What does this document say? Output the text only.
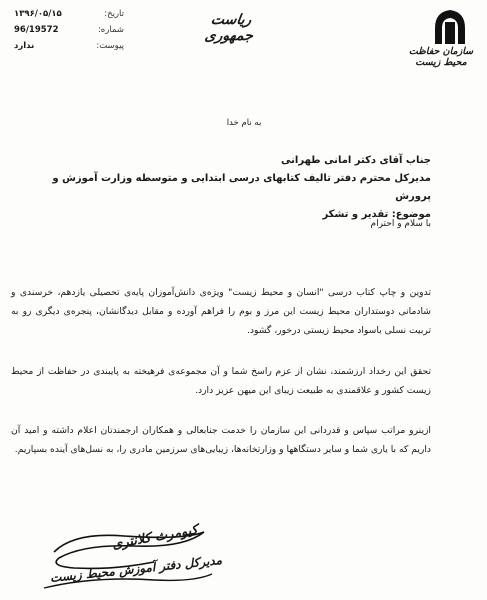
تاریخ:
۱۳۹۶/۰۵/۱۵
شماره:
96/19572
پیوست:
ندارد
ریاست جمهوری
سازمان حفاظت محیط زیست
به نام خدا
جناب آقای دکتر امانی طهرانی
مدیرکل محترم دفتر تالیف کتابهای درسی ابتدایی و متوسطه وزارت آموزش و پرورش
موضوع: تقدیر و تشکر
با سلام و احترام
تدوین و چاپ کتاب درسی "انسان و محیط زیست" ویژه‌ی دانش‌آموزان پایه‌ی تحصیلی یازدهم، خرسندی و شادمانی دوستداران محیط زیست این مرز و بوم را فراهم آورده و مقابل دیدگانشان، پنجره‌ی دیگری رو به تربیت نسلی باسواد محیط زیستی درخور، گشود.
تحقق این رخداد ارزشمند، نشان از عزم راسخ شما و آن مجموعه‌ی فرهیخته به پایبندی در حفاظت از محیط زیست کشور و علاقمندی به طبیعت زیبای این میهن عزیز دارد.
ازینرو مراتب سپاس و قدردانی این سازمان را خدمت جنابعالی و همکاران ارجمندتان اعلام داشته و امید آن داریم که با یاری شما و سایر دستگاهها و وزارتخانه‌ها، زیبایی‌های سرزمین مادری را، به نسل‌های آینده بسپاریم.
کیومرث کلانتری
مدیرکل دفتر آموزش محیط زیست
